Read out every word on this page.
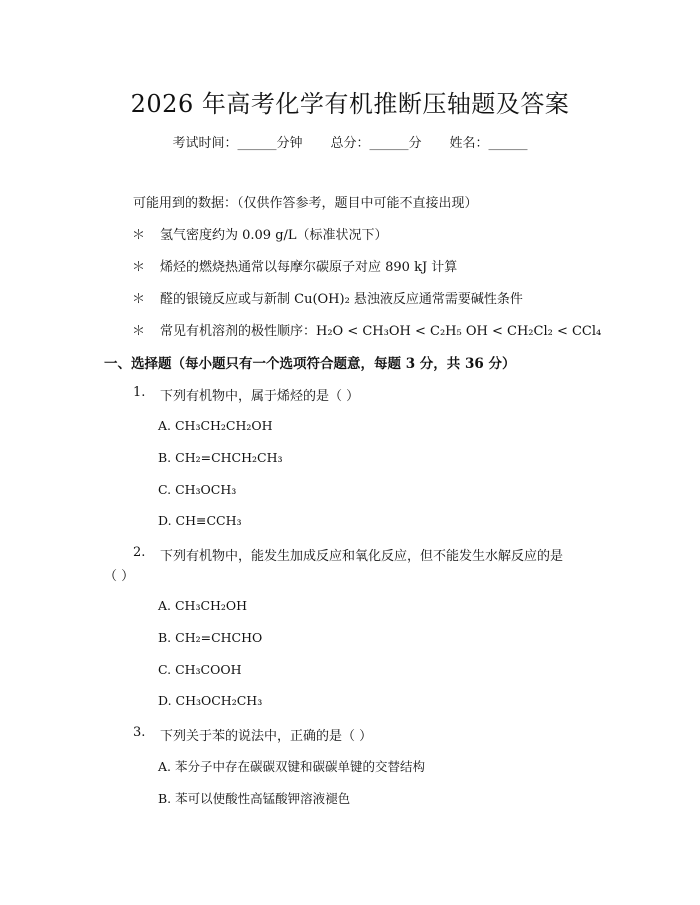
2026 年高考化学有机推断压轴题及答案
考试时间：______分钟 总分：______分 姓名：______
可能用到的数据：（仅供作答参考，题目中可能不直接出现）
＊ 氢气密度约为 0.09 g/L（标准状况下）
＊ 烯烃的燃烧热通常以每摩尔碳原子对应 890 kJ 计算
＊ 醛的银镜反应或与新制 Cu(OH)₂ 悬浊液反应通常需要碱性条件
＊ 常见有机溶剂的极性顺序：H₂O < CH₃OH < C₂H₅ OH < CH₂Cl₂ < CCl₄
一、选择题（每小题只有一个选项符合题意，每题 3 分，共 36 分）
1. 下列有机物中，属于烯烃的是（ ）
A. CH₃CH₂CH₂OH
B. CH₂=CHCH₂CH₃
C. CH₃OCH₃
D. CH≡CCH₃
2. 下列有机物中，能发生加成反应和氧化反应，但不能发生水解反应的是
（ ）
A. CH₃CH₂OH
B. CH₂=CHCHO
C. CH₃COOH
D. CH₃OCH₂CH₃
3. 下列关于苯的说法中，正确的是（ ）
A. 苯分子中存在碳碳双键和碳碳单键的交替结构
B. 苯可以使酸性高锰酸钾溶液褪色
